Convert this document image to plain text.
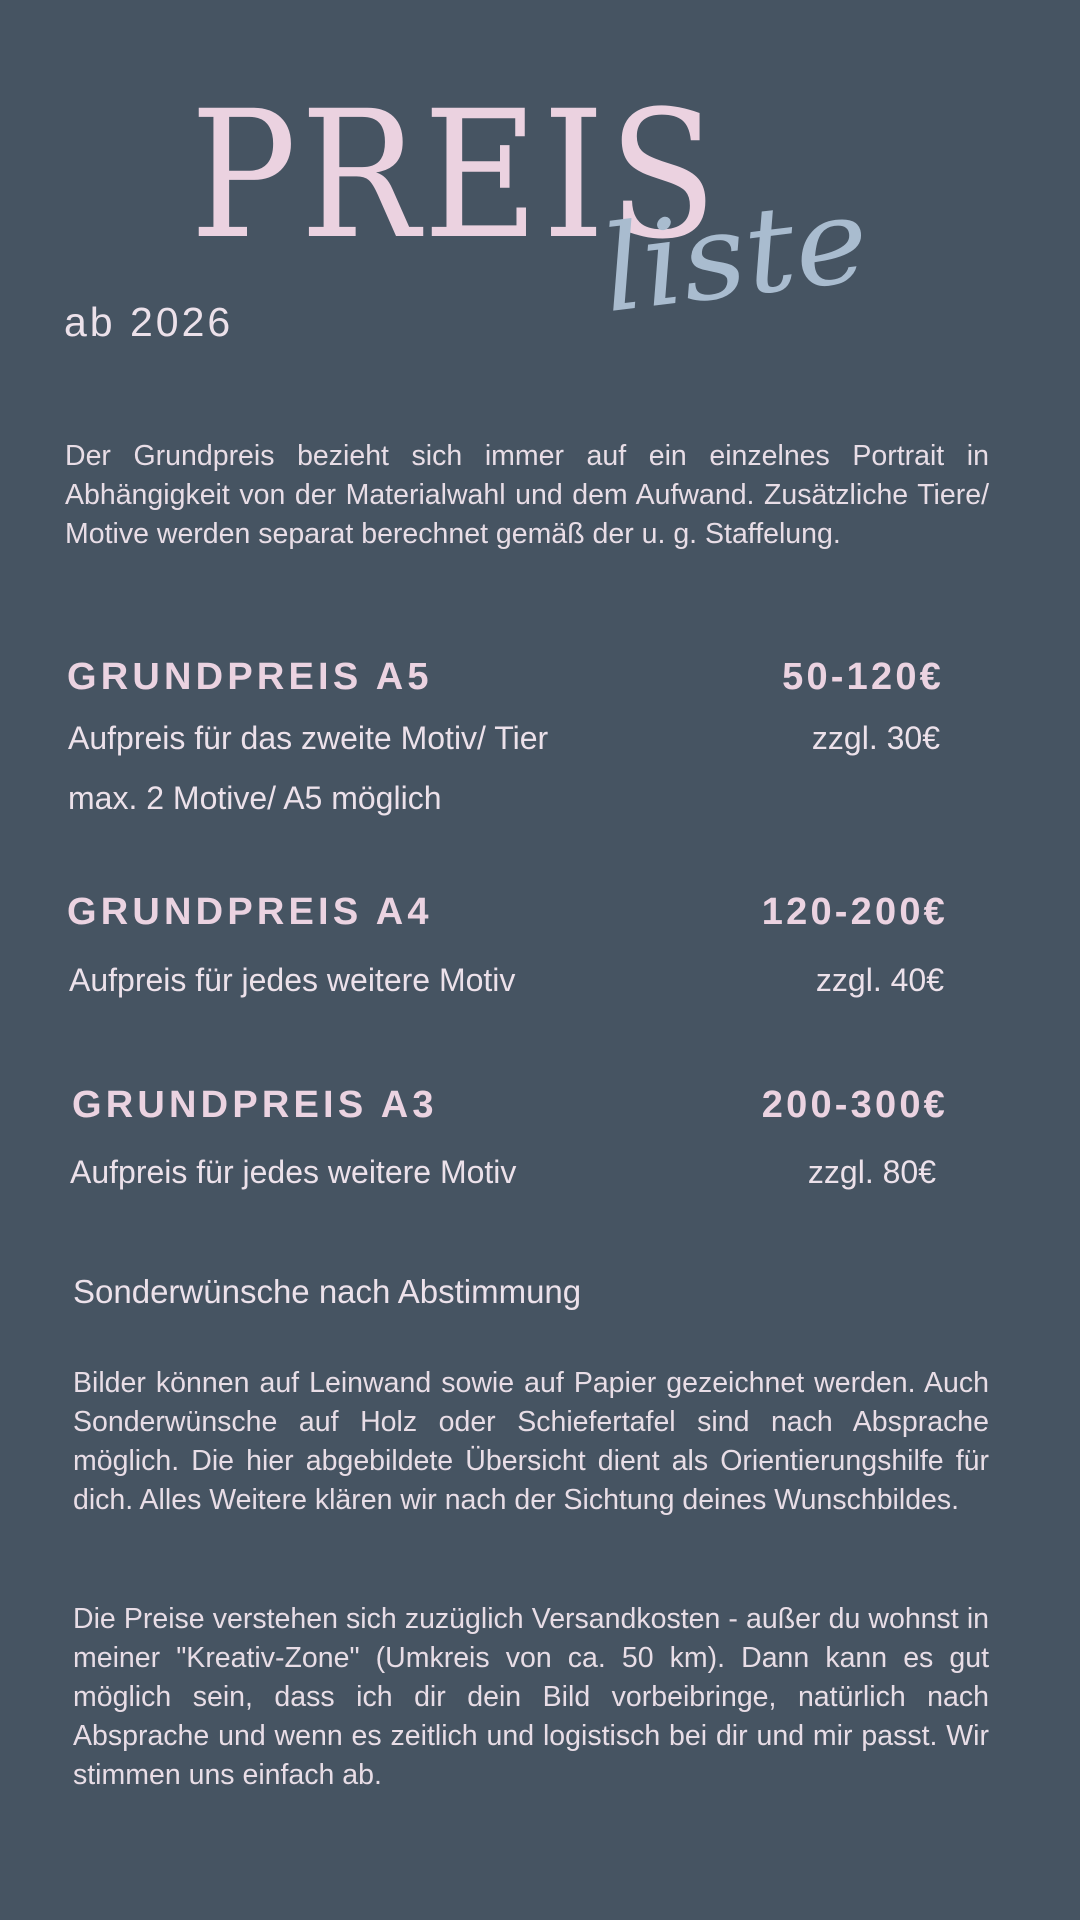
PREIS
liste
ab 2026

Der Grundpreis bezieht sich immer auf ein einzelnes Portrait in Abhängigkeit von der Materialwahl und dem Aufwand. Zusätzliche Tiere/ Motive werden separat berechnet gemäß der u. g. Staffelung.

GRUNDPREIS A5	50-120€
Aufpreis für das zweite Motiv/ Tier	zzgl. 30€
max. 2 Motive/ A5 möglich
GRUNDPREIS A4	120-200€
Aufpreis für jedes weitere Motiv	zzgl. 40€
GRUNDPREIS A3	200-300€
Aufpreis für jedes weitere Motiv	zzgl. 80€
Sonderwünsche nach Abstimmung

Bilder können auf Leinwand sowie auf Papier gezeichnet werden. Auch Sonderwünsche auf Holz oder Schiefertafel sind nach Absprache möglich. Die hier abgebildete Übersicht dient als Orientierungshilfe für dich. Alles Weitere klären wir nach der Sichtung deines Wunschbildes.

Die Preise verstehen sich zuzüglich Versandkosten - außer du wohnst in meiner "Kreativ-Zone" (Umkreis von ca. 50 km). Dann kann es gut möglich sein, dass ich dir dein Bild vorbeibringe, natürlich nach Absprache und wenn es zeitlich und logistisch bei dir und mir passt. Wir stimmen uns einfach ab.
